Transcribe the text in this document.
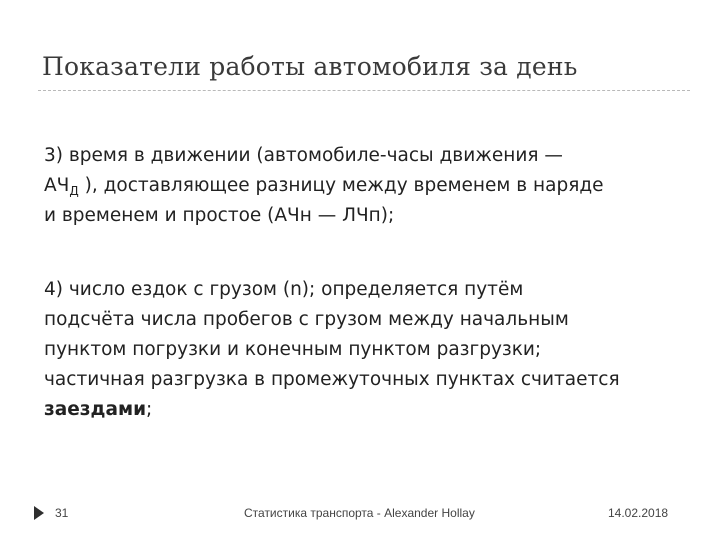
Показатели работы автомобиля за день
3) время в движении (автомобиле-часы движения —
$АЧ_Д$ ), доставляющее разницу между временем в наряде
и временем и простое (АЧн — ЛЧп);
4) число ездок с грузом (n); определяется путём
подсчёта числа пробегов с грузом между начальным
пунктом погрузки и конечным пунктом разгрузки;
частичная разгрузка в промежуточных пунктах считается
заездами;
31	Статистика транспорта - Alexander Hollay	14.02.2018
